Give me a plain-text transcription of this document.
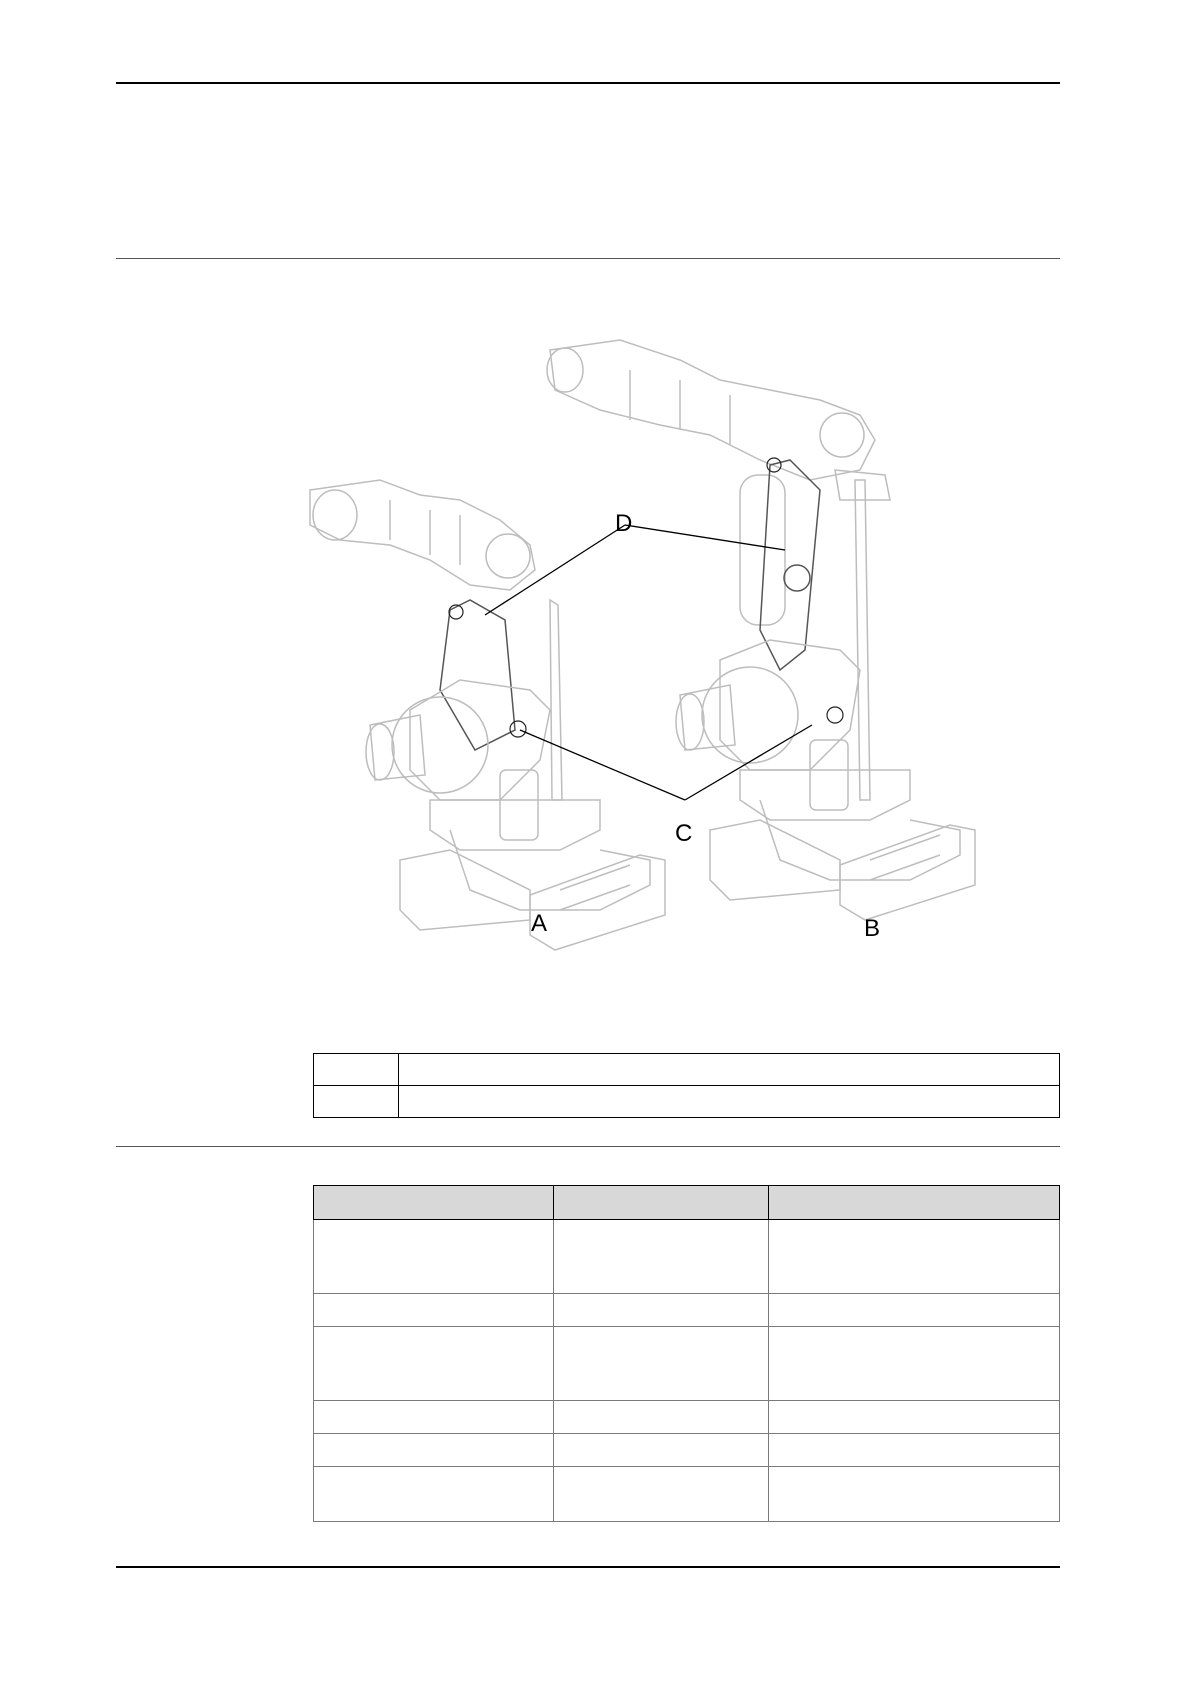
D
C
A	B
